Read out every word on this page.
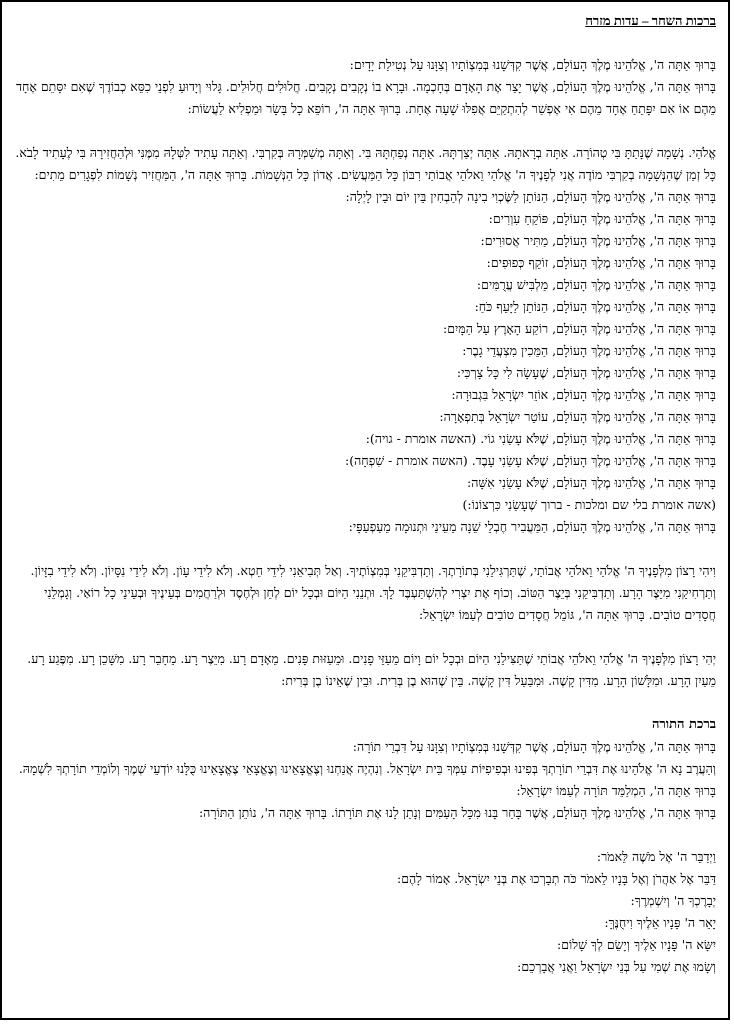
ברכות השחר – עדות מזרח
בָּרוּךְ אַתָּה ה', אֱלֹהֵינוּ מֶלֶךְ הָעוֹלָם, אֲשֶׁר קִדְּשָׁנוּ בְּמִצְוֹתָיו וְצִוָּנוּ עַל נְטִילַת יָדָיִם:
בָּרוּךְ אַתָּה ה', אֱלֹהֵינוּ מֶלֶךְ הָעוֹלָם, אֲשֶׁר יָצַר אֶת הָאָדָם בְּחָכְמָה. וּבָרָא בוֹ נְקָבִים נְקָבִים. חֲלוּלִים חֲלוּלִים. גָּלוּי וְיָדוּעַ לִפְנֵי כִסֵּא כְבוֹדֶךָ שֶׁאִם יִסָּתֵם אֶחָד מֵהֶם אוֹ אִם יִפָּתֵחַ אֶחָד מֵהֶם אִי אֶפְשַׁר לְהִתְקַיֵּם אֲפִלּוּ שָׁעָה אֶחָת. בָּרוּךְ אַתָּה ה', רוֹפֵא כָל בָּשָׂר וּמַפְלִיא לַעֲשׂוֹת:
אֱלֹהַי. נְשָׁמָה שֶׁנָּתַתָּ בִּי טְהוֹרָה. אַתָּה בְרָאתָהּ. אַתָּה יְצַרְתָּהּ. אַתָּה נְפַחְתָּהּ בִּי. וְאַתָּה מְשַׁמְּרָהּ בְּקִרְבִּי. וְאַתָּה עָתִיד לִטְּלָהּ מִמֶּנִּי וּלְהַחֲזִירָהּ בִּי לֶעָתִיד לָבֹא. כָּל זְמַן שֶׁהַנְּשָׁמָה בְקִרְבִּי מוֹדֶה אֲנִי לְפָנֶיךָ ה' אֱלֹהַי וֵאלֹהֵי אֲבוֹתַי רִבּוֹן כָּל הַמַּעֲשִׂים. אֲדוֹן כָּל הַנְּשָׁמוֹת. בָּרוּךְ אַתָּה ה', הַמַּחֲזִיר נְשָׁמוֹת לִפְגָרִים מֵתִים:
בָּרוּךְ אַתָּה ה', אֱלֹהֵינוּ מֶלֶךְ הָעוֹלָם, הַנּוֹתֵן לַשֶּׂכְוִי בִינָה לְהַבְחִין בֵּין יוֹם וּבֵין לָיְלָה:
בָּרוּךְ אַתָּה ה', אֱלֹהֵינוּ מֶלֶךְ הָעוֹלָם, פּוֹקֵחַ עִוְרִים:
בָּרוּךְ אַתָּה ה', אֱלֹהֵינוּ מֶלֶךְ הָעוֹלָם, מַתִּיר אֲסוּרִים:
בָּרוּךְ אַתָּה ה', אֱלֹהֵינוּ מֶלֶךְ הָעוֹלָם, זוֹקֵף כְּפוּפִים:
בָּרוּךְ אַתָּה ה', אֱלֹהֵינוּ מֶלֶךְ הָעוֹלָם, מַלְבִּישׁ עֲרֻמִּים:
בָּרוּךְ אַתָּה ה', אֱלֹהֵינוּ מֶלֶךְ הָעוֹלָם, הַנּוֹתֵן לַיָּעֵף כֹּחַ:
בָּרוּךְ אַתָּה ה', אֱלֹהֵינוּ מֶלֶךְ הָעוֹלָם, רוֹקַע הָאָרֶץ עַל הַמָּיִם:
בָּרוּךְ אַתָּה ה', אֱלֹהֵינוּ מֶלֶךְ הָעוֹלָם, הַמֵּכִין מִצְעֲדֵי גָבֶר:
בָּרוּךְ אַתָּה ה', אֱלֹהֵינוּ מֶלֶךְ הָעוֹלָם, שֶׁעָשָׂה לִי כָּל צָרְכִּי:
בָּרוּךְ אַתָּה ה', אֱלֹהֵינוּ מֶלֶךְ הָעוֹלָם, אוֹזֵר יִשְׂרָאֵל בִּגְבוּרָה:
בָּרוּךְ אַתָּה ה', אֱלֹהֵינוּ מֶלֶךְ הָעוֹלָם, עוֹטֵר יִשְׂרָאֵל בְּתִפְאָרָה:
בָּרוּךְ אַתָּה ה', אֱלֹהֵינוּ מֶלֶךְ הָעוֹלָם, שֶׁלֹּא עָשַׂנִי גוֹי. (האשה אומרת - גויה):
בָּרוּךְ אַתָּה ה', אֱלֹהֵינוּ מֶלֶךְ הָעוֹלָם, שֶׁלֹּא עָשַׂנִי עָבֶד. (האשה אומרת - שִׁפְחָה):
בָּרוּךְ אַתָּה ה', אֱלֹהֵינוּ מֶלֶךְ הָעוֹלָם, שֶׁלֹּא עָשַׂנִי אִשָּׁה:
(אשה אומרת בלי שם ומלכות - ברוך שֶׁעָשַׂנִי כִּרְצוֹנוֹ:)
בָּרוּךְ אַתָּה ה', אֱלֹהֵינוּ מֶלֶךְ הָעוֹלָם, הַמַּעֲבִיר חֶבְלֵי שֵׁנָה מֵעֵינַי וּתְנוּמָה מֵעַפְעַפָּי:
וִיהִי רָצוֹן מִלְּפָנֶיךָ ה' אֱלֹהַי וֵאלֹהֵי אֲבוֹתַי, שֶׁתַּרְגִּילֵנִי בְּתוֹרָתֶךָ. וְתַדְבִּיקֵנִי בְּמִצְוֹתֶיךָ. וְאַל תְּבִיאֵנִי לִידֵי חֵטְא. וְלֹא לִידֵי עָוֹן. וְלֹא לִידֵי נִסָּיוֹן. וְלֹא לִידֵי בִזָּיוֹן. וְתַרְחִיקֵנִי מִיֵּצֶר הָרָע. וְתַדְבִּיקֵנִי בְּיֵצֶר הַטּוֹב. וְכוֹף אֶת יִצְרִי לְהִשְׁתַּעְבֶּד לָךְ. וּתְנֵנִי הַיּוֹם וּבְכָל יוֹם לְחֵן וּלְחֶסֶד וּלְרַחֲמִים בְּעֵינֶיךָ וּבְעֵינֵי כָל רוֹאַי. וְגָמְלֵנִי חֲסָדִים טוֹבִים. בָּרוּךְ אַתָּה ה', גּוֹמֵל חֲסָדִים טוֹבִים לְעַמּוֹ יִשְׂרָאֵל:
יְהִי רָצוֹן מִלְּפָנֶיךָ ה' אֱלֹהַי וֵאלֹהֵי אֲבוֹתַי שֶׁתַּצִּילֵנִי הַיּוֹם וּבְכָל יוֹם וָיוֹם מֵעַזֵּי פָנִים. וּמֵעַזּוּת פָּנִים. מֵאָדָם רָע. מִיֵּצֶר רָע. מֵחָבֵר רָע. מִשָּׁכֵן רָע. מִפֶּגַע רָע. מֵעַיִן הָרָע. וּמִלָּשׁוֹן הָרָע. מִדִּין קָשֶׁה. וּמִבַּעַל דִּין קָשֶׁה. בֵּין שֶׁהוּא בֶן בְּרִית. וּבֵין שֶׁאֵינוֹ בֶן בְּרִית:
ברכת התורה
בָּרוּךְ אַתָּה ה', אֱלֹהֵינוּ מֶלֶךְ הָעוֹלָם, אֲשֶׁר קִדְּשָׁנוּ בְּמִצְוֹתָיו וְצִוָּנוּ עַל דִּבְרֵי תוֹרָה:
וְהַעֲרֶב נָא ה' אֱלֹהֵינוּ אֶת דִּבְרֵי תוֹרָתְךָ בְּפִינוּ וּבְפִיפִיּוֹת עַמְּךָ בֵּית יִשְׂרָאֵל. וְנִהְיֶה אֲנַחְנוּ וְצֶאֱצָאֵינוּ וְצֶאֱצָאֵי צֶאֱצָאֵינוּ כֻּלָּנוּ יוֹדְעֵי שְׁמֶךָ וְלוֹמְדֵי תוֹרָתְךָ לִשְׁמָהּ. בָּרוּךְ אַתָּה ה', הַמְלַמֵּד תּוֹרָה לְעַמּוֹ יִשְׂרָאֵל:
בָּרוּךְ אַתָּה ה', אֱלֹהֵינוּ מֶלֶךְ הָעוֹלָם, אֲשֶׁר בָּחַר בָּנוּ מִכָּל הָעַמִּים וְנָתַן לָנוּ אֶת תּוֹרָתוֹ. בָּרוּךְ אַתָּה ה', נוֹתֵן הַתּוֹרָה:
וַיְדַבֵּר ה' אֶל מֹשֶׁה לֵּאמֹר:
דַּבֵּר אֶל אַהֲרֹן וְאֶל בָּנָיו לֵאמֹר כֹּה תְבָרְכוּ אֶת בְּנֵי יִשְׂרָאֵל. אָמוֹר לָהֶם:
יְבָרֶכְךָ ה' וְיִשְׁמְרֶךָ:
יָאֵר ה' פָּנָיו אֵלֶיךָ וִיחֻנֶּךָּ:
יִשָּׂא ה' פָּנָיו אֵלֶיךָ וְיָשֵׂם לְךָ שָׁלוֹם:
וְשָׂמוּ אֶת שְׁמִי עַל בְּנֵי יִשְׂרָאֵל וַאֲנִי אֲבָרְכֵם:
